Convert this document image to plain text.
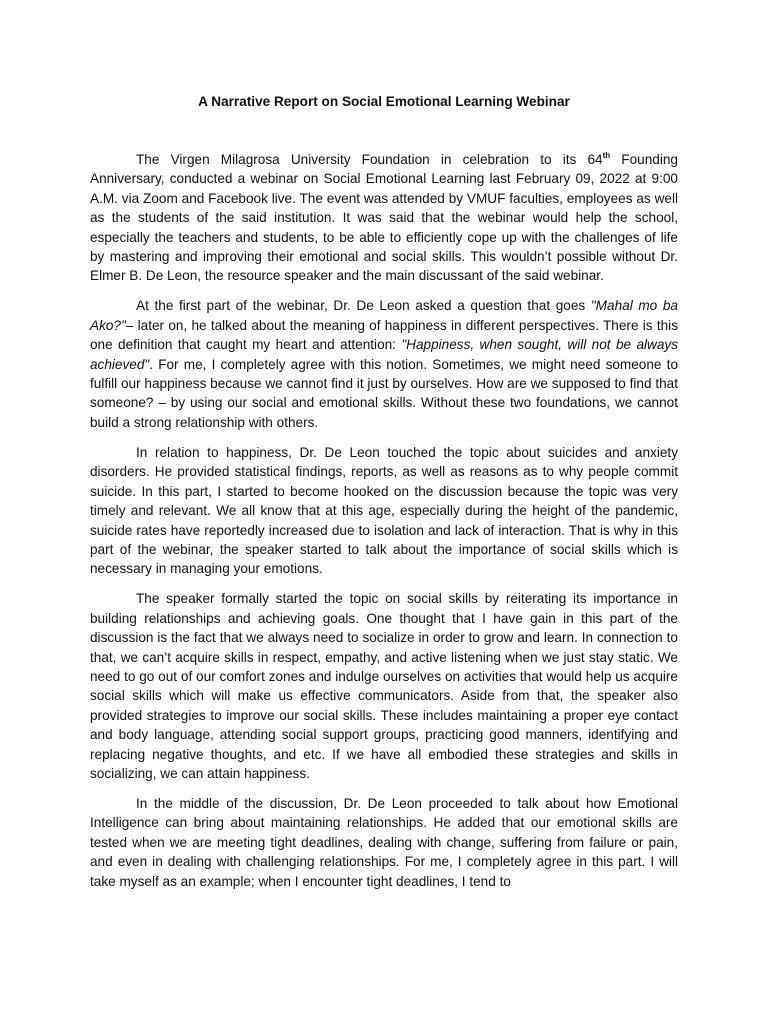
A Narrative Report on Social Emotional Learning Webinar

The Virgen Milagrosa University Foundation in celebration to its 64th Founding Anniversary, conducted a webinar on Social Emotional Learning last February 09, 2022 at 9:00 A.M. via Zoom and Facebook live. The event was attended by VMUF faculties, employees as well as the students of the said institution. It was said that the webinar would help the school, especially the teachers and students, to be able to efficiently cope up with the challenges of life by mastering and improving their emotional and social skills. This wouldn’t possible without Dr. Elmer B. De Leon, the resource speaker and the main discussant of the said webinar.

At the first part of the webinar, Dr. De Leon asked a question that goes "Mahal mo ba Ako?"– later on, he talked about the meaning of happiness in different perspectives. There is this one definition that caught my heart and attention: "Happiness, when sought, will not be always achieved". For me, I completely agree with this notion. Sometimes, we might need someone to fulfill our happiness because we cannot find it just by ourselves. How are we supposed to find that someone? – by using our social and emotional skills. Without these two foundations, we cannot build a strong relationship with others.

In relation to happiness, Dr. De Leon touched the topic about suicides and anxiety disorders. He provided statistical findings, reports, as well as reasons as to why people commit suicide. In this part, I started to become hooked on the discussion because the topic was very timely and relevant. We all know that at this age, especially during the height of the pandemic, suicide rates have reportedly increased due to isolation and lack of interaction. That is why in this part of the webinar, the speaker started to talk about the importance of social skills which is necessary in managing your emotions.

The speaker formally started the topic on social skills by reiterating its importance in building relationships and achieving goals. One thought that I have gain in this part of the discussion is the fact that we always need to socialize in order to grow and learn. In connection to that, we can’t acquire skills in respect, empathy, and active listening when we just stay static. We need to go out of our comfort zones and indulge ourselves on activities that would help us acquire social skills which will make us effective communicators. Aside from that, the speaker also provided strategies to improve our social skills. These includes maintaining a proper eye contact and body language, attending social support groups, practicing good manners, identifying and replacing negative thoughts, and etc. If we have all embodied these strategies and skills in socializing, we can attain happiness.

In the middle of the discussion, Dr. De Leon proceeded to talk about how Emotional Intelligence can bring about maintaining relationships. He added that our emotional skills are tested when we are meeting tight deadlines, dealing with change, suffering from failure or pain, and even in dealing with challenging relationships. For me, I completely agree in this part. I will take myself as an example; when I encounter tight deadlines, I tend to
